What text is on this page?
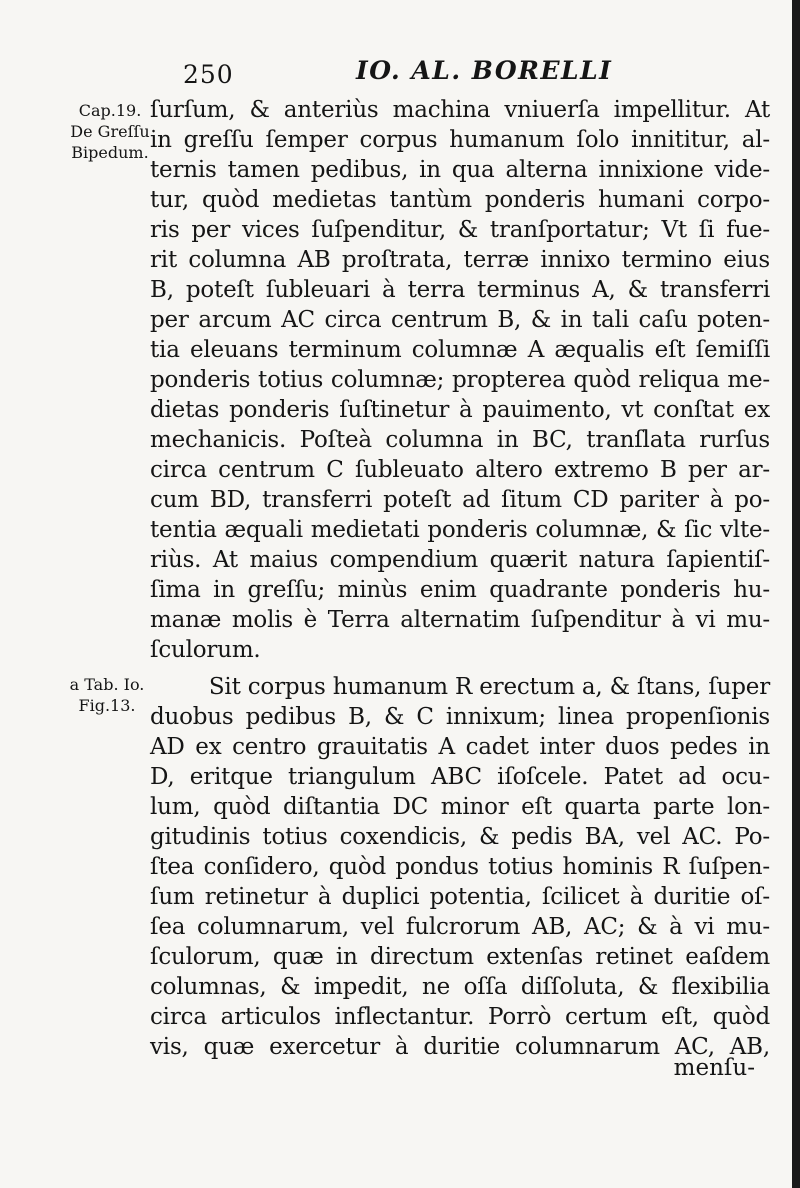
250	IO. AL. BORELLI
Cap.19.
De Greſſu
Bipedum.
ſurſum, & anteriùs machina vniuerſa impellitur. At
in greſſu ſemper corpus humanum ſolo innititur, al-
ternis tamen pedibus, in qua alterna innixione vide-
tur, quòd medietas tantùm ponderis humani corpo-
ris per vices ſuſpenditur, & tranſportatur; Vt ſi fue-
rit columna AB proſtrata, terræ innixo termino eius
B, poteſt ſubleuari à terra terminus A, & transferri
per arcum AC circa centrum B, & in tali caſu poten-
tia eleuans terminum columnæ A æqualis eſt ſemiſſi
ponderis totius columnæ; propterea quòd reliqua me-
dietas ponderis ſuſtinetur à pauimento, vt conſtat ex
mechanicis. Poſteà columna in BC, tranſlata rurſus
circa centrum C ſubleuato altero extremo B per ar-
cum BD, transferri poteſt ad ſitum CD pariter à po-
tentia æquali medietati ponderis columnæ, & ſic vlte-
riùs. At maius compendium quærit natura ſapientiſ-
ſima in greſſu; minùs enim quadrante ponderis hu-
manæ molis è Terra alternatim ſuſpenditur à vi mu-
ſculorum.
a Tab. Io.
Fig.13.
Sit corpus humanum R erectum a, & ſtans, ſuper
duobus pedibus B, & C innixum; linea propenſionis
AD ex centro grauitatis A cadet inter duos pedes in
D, eritque triangulum ABC iſoſcele. Patet ad ocu-
lum, quòd diſtantia DC minor eſt quarta parte lon-
gitudinis totius coxendicis, & pedis BA, vel AC. Po-
ſtea conſidero, quòd pondus totius hominis R ſuſpen-
ſum retinetur à duplici potentia, ſcilicet à duritie oſ-
ſea columnarum, vel fulcrorum AB, AC; & à vi mu-
ſculorum, quæ in directum extenſas retinet eaſdem
columnas, & impedit, ne oſſa diſſoluta, & flexibilia
circa articulos inflectantur. Porrò certum eſt, quòd
vis, quæ exercetur à duritie columnarum AC, AB,
menſu-
